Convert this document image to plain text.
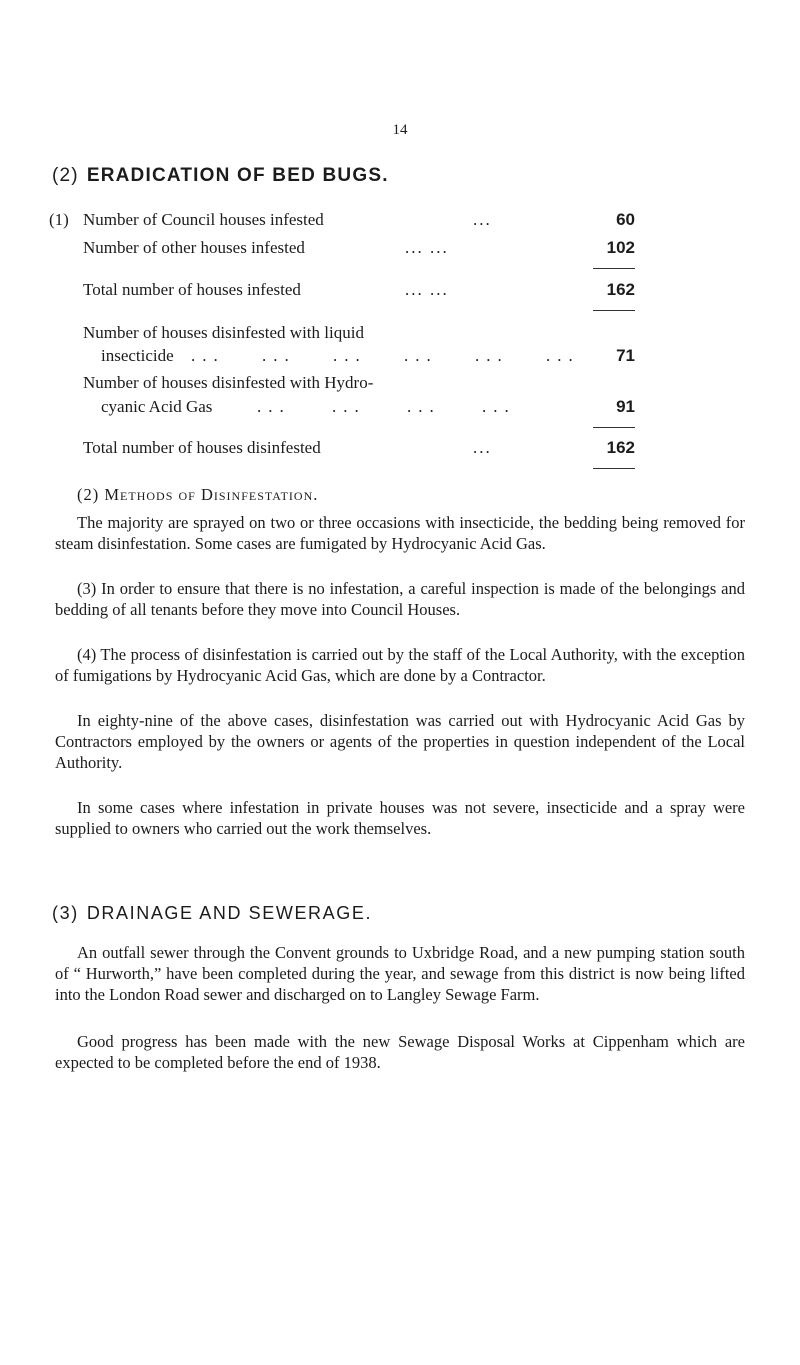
14
(2) ERADICATION OF BED BUGS.
(1) Number of Council houses infested	...	60
Number of other houses infested	... ...	102
Total number of houses infested	... ...	162
Number of houses disinfested with liquid
insecticide ... ... ... ... ... ...	71
Number of houses disinfested with Hydro-
cyanic Acid Gas	... ... ... ...	91
Total number of houses disinfested	...	162
(2) Methods of Disinfestation.

The majority are sprayed on two or three occasions with insecticide, the bedding being removed for steam disinfestation. Some cases are fumigated by Hydrocyanic Acid Gas.

(3) In order to ensure that there is no infestation, a careful inspection is made of the belongings and bedding of all tenants before they move into Council Houses.

(4) The process of disinfestation is carried out by the staff of the Local Authority, with the exception of fumigations by Hydrocyanic Acid Gas, which are done by a Contractor.

In eighty-nine of the above cases, disinfestation was carried out with Hydrocyanic Acid Gas by Contractors employed by the owners or agents of the properties in question independent of the Local Authority.

In some cases where infestation in private houses was not severe, insecticide and a spray were supplied to owners who carried out the work themselves.

(3) DRAINAGE AND SEWERAGE.

An outfall sewer through the Convent grounds to Uxbridge Road, and a new pumping station south of “ Hurworth,” have been completed during the year, and sewage from this district is now being lifted into the London Road sewer and discharged on to Langley Sewage Farm.

Good progress has been made with the new Sewage Disposal Works at Cippenham which are expected to be completed before the end of 1938.
